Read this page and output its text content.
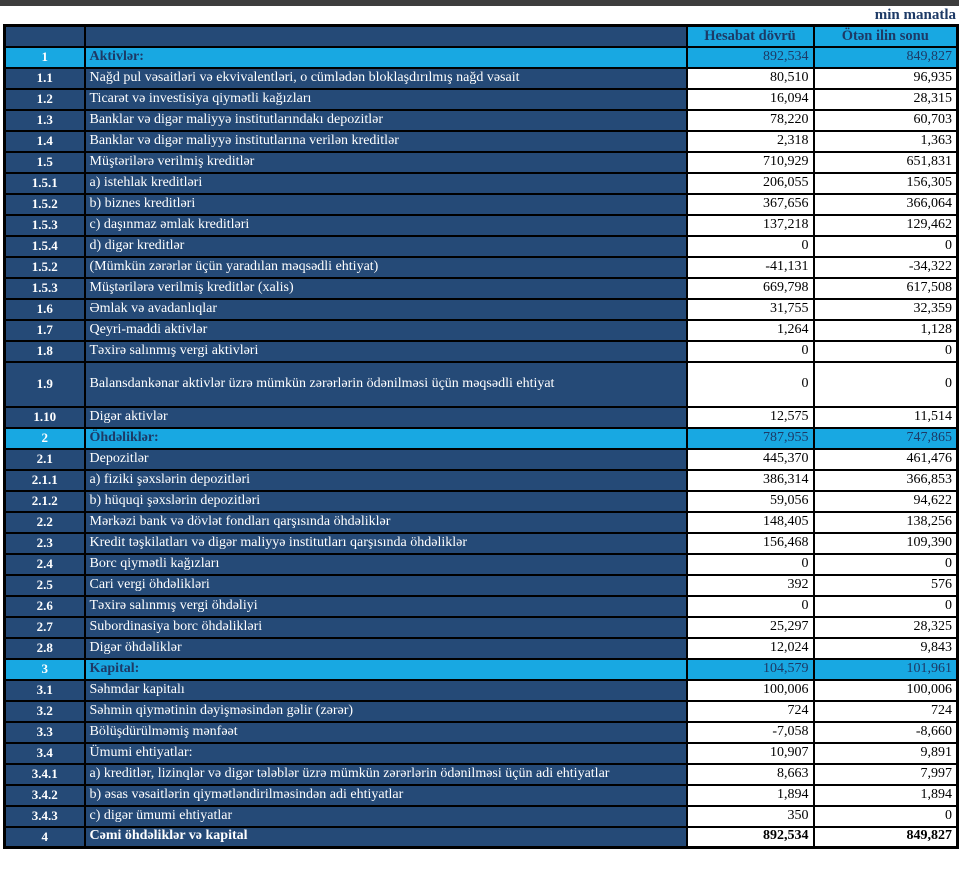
min manatla
		Hesabat dövrü	Ötən ilin sonu
1	Aktivlər:	892,534	849,827
1.1	Nağd pul vəsaitləri və ekvivalentləri, o cümlədən bloklaşdırılmış nağd vəsait	80,510	96,935
1.2	Ticarət və investisiya qiymətli kağızları	16,094	28,315
1.3	Banklar və digər maliyyə institutlarındakı depozitlər	78,220	60,703
1.4	Banklar və digər maliyyə institutlarına verilən kreditlər	2,318	1,363
1.5	Müştərilərə verilmiş kreditlər	710,929	651,831
1.5.1	a) istehlak kreditləri	206,055	156,305
1.5.2	b) biznes kreditləri	367,656	366,064
1.5.3	c) daşınmaz əmlak kreditləri	137,218	129,462
1.5.4	d) digər kreditlər	0	0
1.5.2	(Mümkün zərərlər üçün yaradılan məqsədli ehtiyat)	-41,131	-34,322
1.5.3	Müştərilərə verilmiş kreditlər (xalis)	669,798	617,508
1.6	Əmlak və avadanlıqlar	31,755	32,359
1.7	Qeyri-maddi aktivlər	1,264	1,128
1.8	Təxirə salınmış vergi aktivləri	0	0
1.9	Balansdankənar aktivlər üzrə mümkün zərərlərin ödənilməsi üçün məqsədli ehtiyat	0	0
1.10	Digər aktivlər	12,575	11,514
2	Öhdəliklər:	787,955	747,865
2.1	Depozitlər	445,370	461,476
2.1.1	a) fiziki şəxslərin depozitləri	386,314	366,853
2.1.2	b) hüquqi şəxslərin depozitləri	59,056	94,622
2.2	Mərkəzi bank və dövlət fondları qarşısında öhdəliklər	148,405	138,256
2.3	Kredit təşkilatları və digər maliyyə institutları qarşısında öhdəliklər	156,468	109,390
2.4	Borc qiymətli kağızları	0	0
2.5	Cari vergi öhdəlikləri	392	576
2.6	Təxirə salınmış vergi öhdəliyi	0	0
2.7	Subordinasiya borc öhdəlikləri	25,297	28,325
2.8	Digər öhdəliklər	12,024	9,843
3	Kapital:	104,579	101,961
3.1	Səhmdar kapitalı	100,006	100,006
3.2	Səhmin qiymətinin dəyişməsindən gəlir (zərər)	724	724
3.3	Bölüşdürülməmiş mənfəət	-7,058	-8,660
3.4	Ümumi ehtiyatlar:	10,907	9,891
3.4.1	a) kreditlər, lizinqlər və digər tələblər üzrə mümkün zərərlərin ödənilməsi üçün adi ehtiyatlar	8,663	7,997
3.4.2	b) əsas vəsaitlərin qiymətləndirilməsindən adi ehtiyatlar	1,894	1,894
3.4.3	c) digər ümumi ehtiyatlar	350	0
4	Cəmi öhdəliklər və kapital	892,534	849,827
